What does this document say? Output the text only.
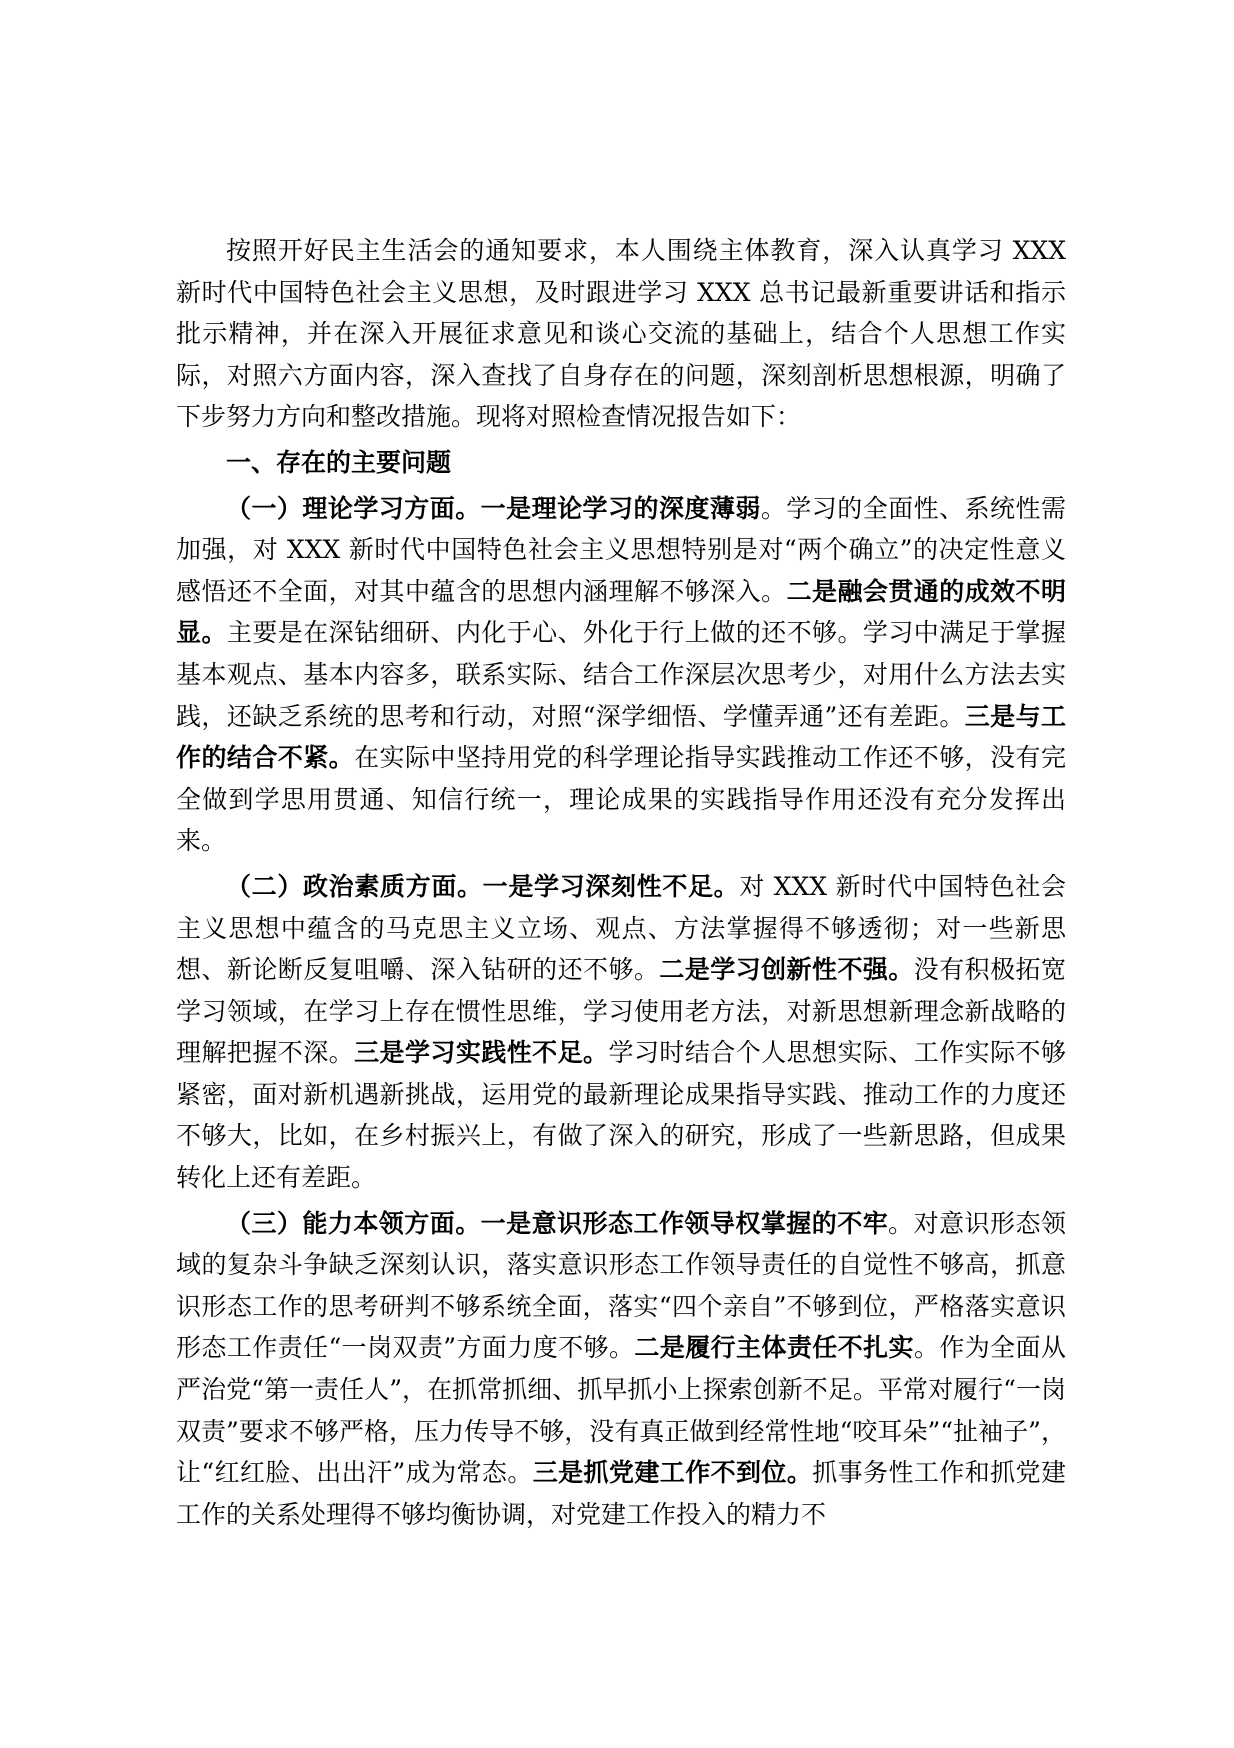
按照开好民主生活会的通知要求，本人围绕主体教育，深入认真学习 XXX 新时代中国特色社会主义思想，及时跟进学习 XXX 总书记最新重要讲话和指示批示精神，并在深入开展征求意见和谈心交流的基础上，结合个人思想工作实际，对照六方面内容，深入查找了自身存在的问题，深刻剖析思想根源，明确了下步努力方向和整改措施。现将对照检查情况报告如下：

一、存在的主要问题

（一）理论学习方面。一是理论学习的深度薄弱。学习的全面性、系统性需加强，对 XXX 新时代中国特色社会主义思想特别是对“两个确立”的决定性意义感悟还不全面，对其中蕴含的思想内涵理解不够深入。二是融会贯通的成效不明显。主要是在深钻细研、内化于心、外化于行上做的还不够。学习中满足于掌握基本观点、基本内容多，联系实际、结合工作深层次思考少，对用什么方法去实践，还缺乏系统的思考和行动，对照“深学细悟、学懂弄通”还有差距。三是与工作的结合不紧。在实际中坚持用党的科学理论指导实践推动工作还不够，没有完全做到学思用贯通、知信行统一，理论成果的实践指导作用还没有充分发挥出来。

（二）政治素质方面。一是学习深刻性不足。对 XXX 新时代中国特色社会主义思想中蕴含的马克思主义立场、观点、方法掌握得不够透彻；对一些新思想、新论断反复咀嚼、深入钻研的还不够。二是学习创新性不强。没有积极拓宽学习领域，在学习上存在惯性思维，学习使用老方法，对新思想新理念新战略的理解把握不深。三是学习实践性不足。学习时结合个人思想实际、工作实际不够紧密，面对新机遇新挑战，运用党的最新理论成果指导实践、推动工作的力度还不够大，比如，在乡村振兴上，有做了深入的研究，形成了一些新思路，但成果转化上还有差距。

（三）能力本领方面。一是意识形态工作领导权掌握的不牢。对意识形态领域的复杂斗争缺乏深刻认识，落实意识形态工作领导责任的自觉性不够高，抓意识形态工作的思考研判不够系统全面，落实“四个亲自”不够到位，严格落实意识形态工作责任“一岗双责”方面力度不够。二是履行主体责任不扎实。作为全面从严治党“第一责任人”，在抓常抓细、抓早抓小上探索创新不足。平常对履行“一岗双责”要求不够严格，压力传导不够，没有真正做到经常性地“咬耳朵”“扯袖子”，让“红红脸、出出汗”成为常态。三是抓党建工作不到位。抓事务性工作和抓党建工作的关系处理得不够均衡协调，对党建工作投入的精力不
